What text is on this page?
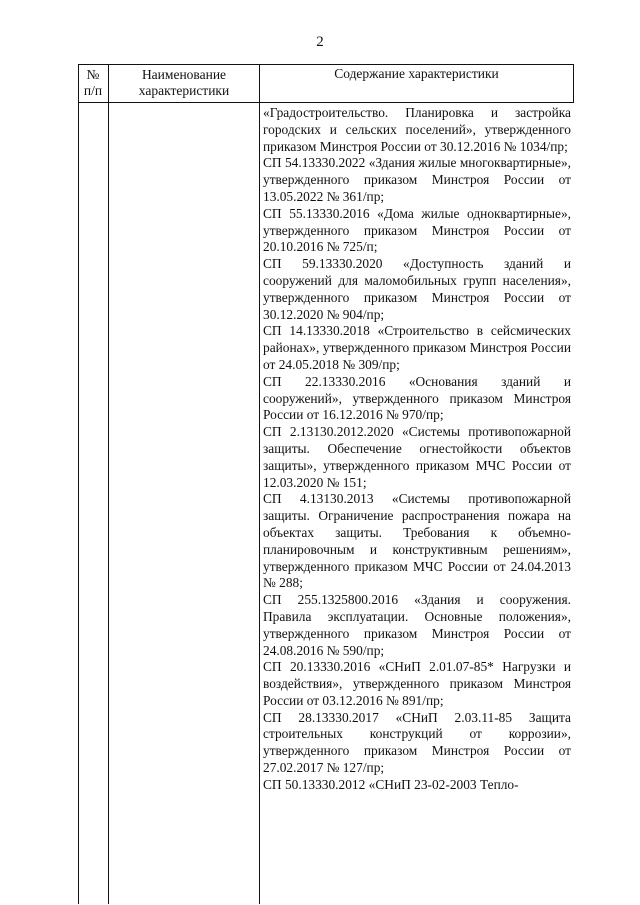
2
№
п/п
Наименование
характеристики
Содержание характеристики

«Градостроительство. Планировка и застройка городских и сельских поселений», утвержденного приказом Минстроя России от 30.12.2016 № 1034/пр;

СП 54.13330.2022 «Здания жилые многоквартирные», утвержденного приказом Минстроя России от 13.05.2022 № 361/пр;

СП 55.13330.2016 «Дома жилые одноквартирные», утвержденного приказом Минстроя России от 20.10.2016 № 725/п;

СП 59.13330.2020 «Доступность зданий и сооружений для маломобильных групп населения», утвержденного приказом Минстроя России от 30.12.2020 № 904/пр;

СП 14.13330.2018 «Строительство в сейсмических районах», утвержденного приказом Минстроя России от 24.05.2018 № 309/пр;

СП 22.13330.2016 «Основания зданий и сооружений», утвержденного приказом Минстроя России от 16.12.2016 № 970/пр;

СП 2.13130.2012.2020 «Системы противопожарной защиты. Обеспечение огнестойкости объектов защиты», утвержденного приказом МЧС России от 12.03.2020 № 151;

СП 4.13130.2013 «Системы противопожарной защиты. Ограничение распространения пожара на объектах защиты. Требования к объемно-планировочным и конструктивным решениям», утвержденного приказом МЧС России от 24.04.2013 № 288;

СП 255.1325800.2016 «Здания и сооружения. Правила эксплуатации. Основные положения», утвержденного приказом Минстроя России от 24.08.2016 № 590/пр;

СП 20.13330.2016 «СНиП 2.01.07-85* Нагрузки и воздействия», утвержденного приказом Минстроя России от 03.12.2016 № 891/пр;

СП 28.13330.2017 «СНиП 2.03.11-85 Защита строительных конструкций от коррозии», утвержденного приказом Минстроя России от 27.02.2017 № 127/пр;

СП 50.13330.2012 «СНиП 23-02-2003 Тепло-
